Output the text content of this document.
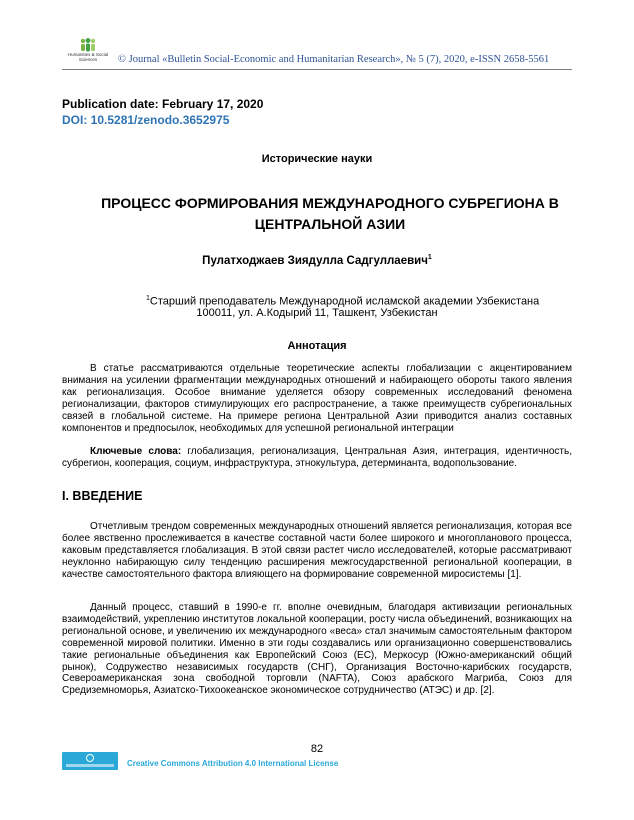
Humanities & Social
Sciences	© Journal «Bulletin Social-Economic and Humanitarian Research», № 5 (7), 2020, e-ISSN 2658-5561
Publication date: February 17, 2020
DOI: 10.5281/zenodo.3652975
Исторические науки
ПРОЦЕСС ФОРМИРОВАНИЯ МЕЖДУНАРОДНОГО СУБРЕГИОНА В
ЦЕНТРАЛЬНОЙ АЗИИ
Пулатходжаев Зиядулла Садгуллаевич$^1$
$^1$Старший преподаватель Международной исламской академии Узбекистана
100011, ул. А.Кодырий 11, Ташкент, Узбекистан
Аннотация
В статье рассматриваются отдельные теоретические аспекты глобализации с акцентированием внимания на усилении фрагментации международных отношений и набирающего обороты такого явления как регионализация. Особое внимание уделяется обзору современных исследований феномена регионализации, факторов стимулирующих его распространение, а также преимуществ субрегиональных связей в глобальной системе. На примере региона Центральной Азии приводится анализ составных компонентов и предпосылок, необходимых для успешной региональной интеграции
Ключевые слова: глобализация, регионализация, Центральная Азия, интеграция, идентичность, субрегион, кооперация, социум, инфраструктура, этнокультура, детерминанта, водопользование.
I. ВВЕДЕНИЕ
Отчетливым трендом современных международных отношений является регионализация, которая все более явственно прослеживается в качестве составной части более широкого и многопланового процесса, каковым представляется глобализация. В этой связи растет число исследователей, которые рассматривают неуклонно набирающую силу тенденцию расширения межгосударственной региональной кооперации, в качестве самостоятельного фактора влияющего на формирование современной миросистемы [1].
Данный процесс, ставший в 1990-е гг. вполне очевидным, благодаря активизации региональных взаимодействий, укреплению институтов локальной кооперации, росту числа объединений, возникающих на региональной основе, и увеличению их международного «веса» стал значимым самостоятельным фактором современной мировой политики. Именно в эти годы создавались или организационно совершенствовались такие региональные объединения как Европейский Союз (ЕС), Меркосур (Южно-американский общий рынок), Содружество независимых государств (СНГ), Организация Восточно-карибских государств, Североамериканская зона свободной торговли (NAFTA), Союз арабского Магриба, Союз для Средиземноморья, Азиатско-Тихоокеанское экономическое сотрудничество (АТЭС) и др. [2].
82
Creative Commons Attribution 4.0 International License
